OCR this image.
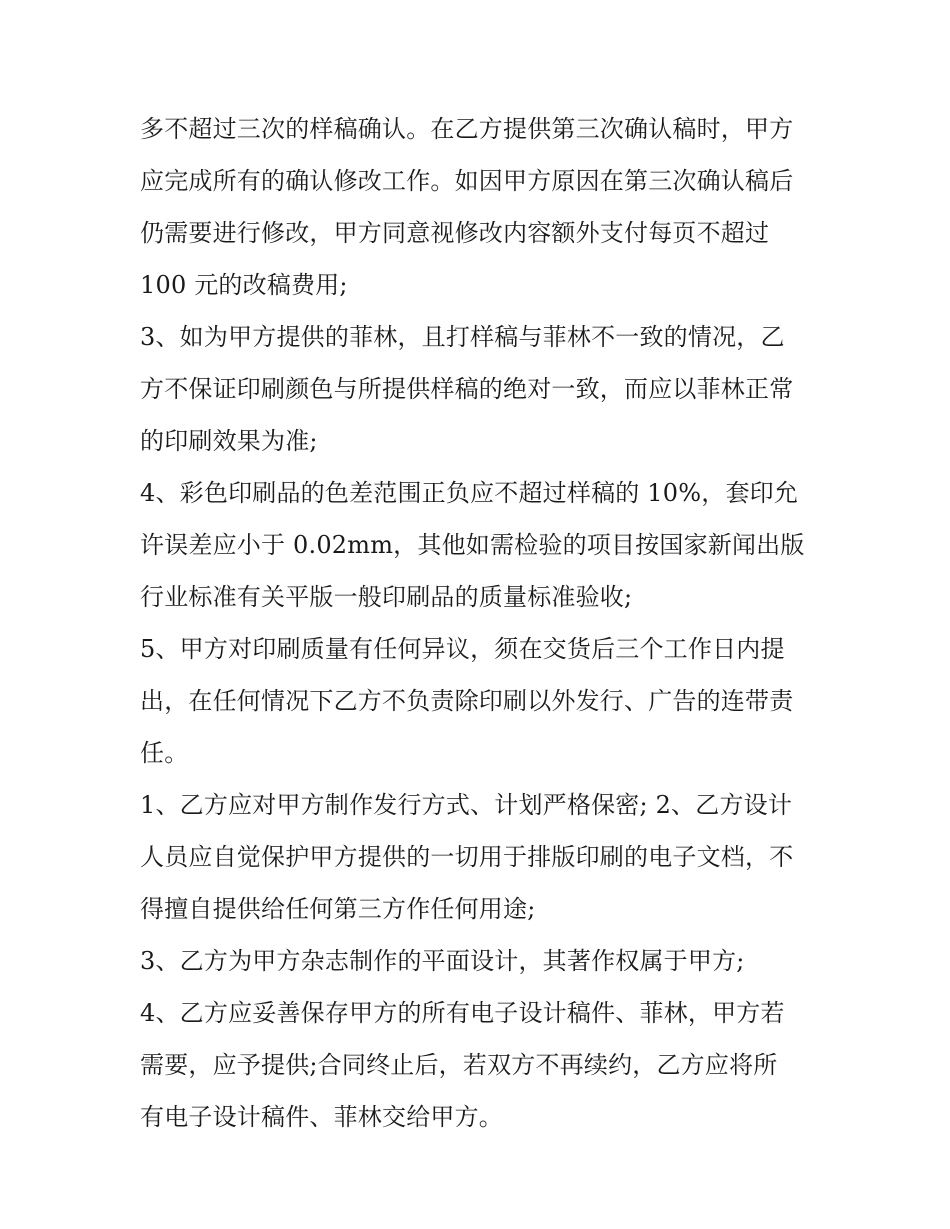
多不超过三次的样稿确认。在乙方提供第三次确认稿时，甲方
应完成所有的确认修改工作。如因甲方原因在第三次确认稿后
仍需要进行修改，甲方同意视修改内容额外支付每页不超过
100 元的改稿费用;
3、如为甲方提供的菲林，且打样稿与菲林不一致的情况，乙
方不保证印刷颜色与所提供样稿的绝对一致，而应以菲林正常
的印刷效果为准;
4、彩色印刷品的色差范围正负应不超过样稿的 10%，套印允
许误差应小于 0.02mm，其他如需检验的项目按国家新闻出版
行业标准有关平版一般印刷品的质量标准验收;
5、甲方对印刷质量有任何异议，须在交货后三个工作日内提
出，在任何情况下乙方不负责除印刷以外发行、广告的连带责
任。
1、乙方应对甲方制作发行方式、计划严格保密; 2、乙方设计
人员应自觉保护甲方提供的一切用于排版印刷的电子文档，不
得擅自提供给任何第三方作任何用途;
3、乙方为甲方杂志制作的平面设计，其著作权属于甲方;
4、乙方应妥善保存甲方的所有电子设计稿件、菲林，甲方若
需要，应予提供;合同终止后，若双方不再续约，乙方应将所
有电子设计稿件、菲林交给甲方。
